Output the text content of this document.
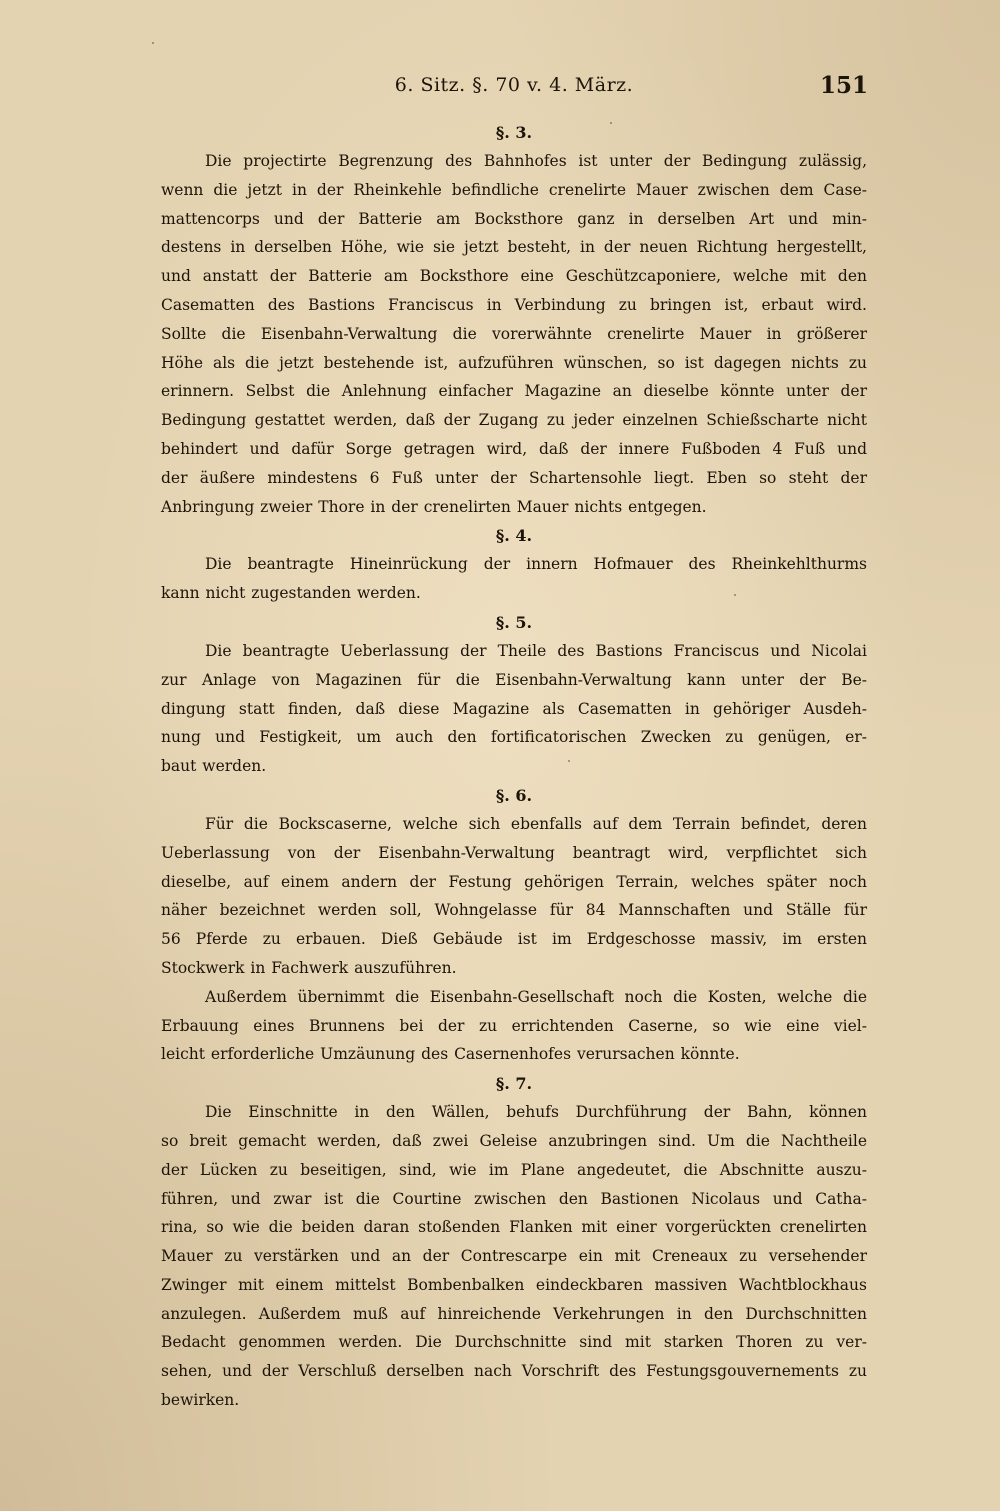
6. Sitz. §. 70 v. 4. März.	151
§. 3.
Die projectirte Begrenzung des Bahnhofes ist unter der Bedingung zulässig,
wenn die jetzt in der Rheinkehle befindliche crenelirte Mauer zwischen dem Case-
mattencorps und der Batterie am Bocksthore ganz in derselben Art und min-
destens in derselben Höhe, wie sie jetzt besteht, in der neuen Richtung hergestellt,
und anstatt der Batterie am Bocksthore eine Geschützcaponiere, welche mit den
Casematten des Bastions Franciscus in Verbindung zu bringen ist, erbaut wird.
Sollte die Eisenbahn-Verwaltung die vorerwähnte crenelirte Mauer in größerer
Höhe als die jetzt bestehende ist, aufzuführen wünschen, so ist dagegen nichts zu
erinnern. Selbst die Anlehnung einfacher Magazine an dieselbe könnte unter der
Bedingung gestattet werden, daß der Zugang zu jeder einzelnen Schießscharte nicht
behindert und dafür Sorge getragen wird, daß der innere Fußboden 4 Fuß und
der äußere mindestens 6 Fuß unter der Schartensohle liegt. Eben so steht der
Anbringung zweier Thore in der crenelirten Mauer nichts entgegen.
§. 4.
Die beantragte Hineinrückung der innern Hofmauer des Rheinkehlthurms
kann nicht zugestanden werden.
§. 5.
Die beantragte Ueberlassung der Theile des Bastions Franciscus und Nicolai
zur Anlage von Magazinen für die Eisenbahn-Verwaltung kann unter der Be-
dingung statt finden, daß diese Magazine als Casematten in gehöriger Ausdeh-
nung und Festigkeit, um auch den fortificatorischen Zwecken zu genügen, er-
baut werden.
§. 6.
Für die Bockscaserne, welche sich ebenfalls auf dem Terrain befindet, deren
Ueberlassung von der Eisenbahn-Verwaltung beantragt wird, verpflichtet sich
dieselbe, auf einem andern der Festung gehörigen Terrain, welches später noch
näher bezeichnet werden soll, Wohngelasse für 84 Mannschaften und Ställe für
56 Pferde zu erbauen. Dieß Gebäude ist im Erdgeschosse massiv, im ersten
Stockwerk in Fachwerk auszuführen.
Außerdem übernimmt die Eisenbahn-Gesellschaft noch die Kosten, welche die
Erbauung eines Brunnens bei der zu errichtenden Caserne, so wie eine viel-
leicht erforderliche Umzäunung des Casernenhofes verursachen könnte.
§. 7.
Die Einschnitte in den Wällen, behufs Durchführung der Bahn, können
so breit gemacht werden, daß zwei Geleise anzubringen sind. Um die Nachtheile
der Lücken zu beseitigen, sind, wie im Plane angedeutet, die Abschnitte auszu-
führen, und zwar ist die Courtine zwischen den Bastionen Nicolaus und Catha-
rina, so wie die beiden daran stoßenden Flanken mit einer vorgerückten crenelirten
Mauer zu verstärken und an der Contrescarpe ein mit Creneaux zu versehender
Zwinger mit einem mittelst Bombenbalken eindeckbaren massiven Wachtblockhaus
anzulegen. Außerdem muß auf hinreichende Verkehrungen in den Durchschnitten
Bedacht genommen werden. Die Durchschnitte sind mit starken Thoren zu ver-
sehen, und der Verschluß derselben nach Vorschrift des Festungsgouvernements zu
bewirken.
